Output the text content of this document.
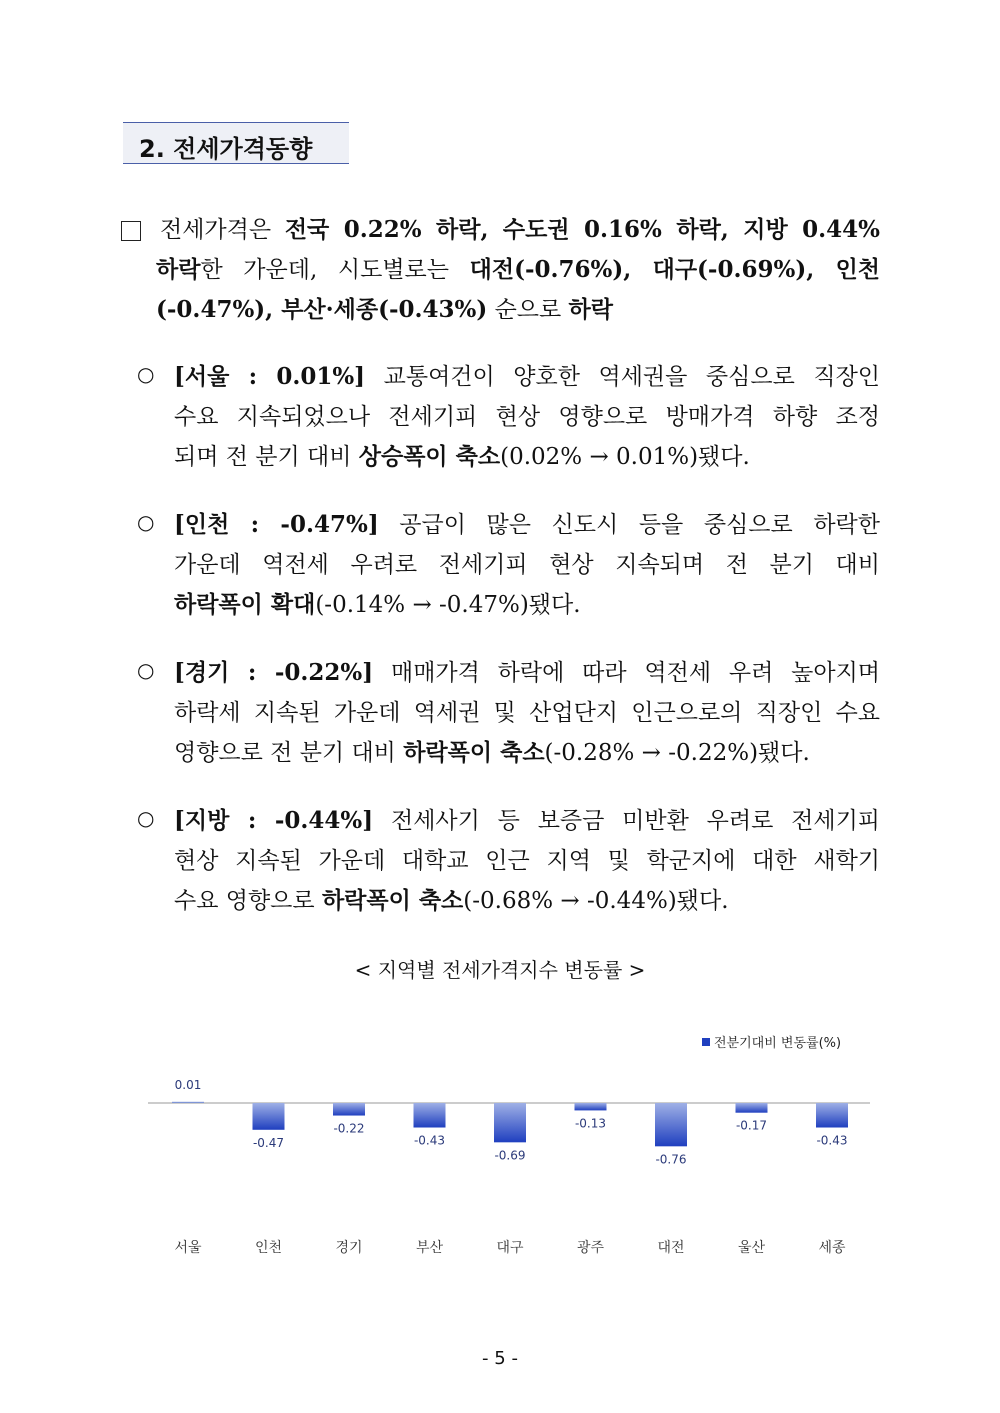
2. 전세가격동향
전세가격은 전국 0.22% 하락, 수도권 0.16% 하락, 지방 0.44%
하락한 가운데, 시도별로는 대전(-0.76%), 대구(-0.69%), 인천
(-0.47%), 부산·세종(-0.43%) 순으로 하락
○ [서울 : 0.01%] 교통여건이 양호한 역세권을 중심으로 직장인
수요 지속되었으나 전세기피 현상 영향으로 방매가격 하향 조정
되며 전 분기 대비 상승폭이 축소(0.02% → 0.01%)됐다.
○ [인천 : -0.47%] 공급이 많은 신도시 등을 중심으로 하락한
가운데 역전세 우려로 전세기피 현상 지속되며 전 분기 대비
하락폭이 확대(-0.14% → -0.47%)됐다.
○ [경기 : -0.22%] 매매가격 하락에 따라 역전세 우려 높아지며
하락세 지속된 가운데 역세권 및 산업단지 인근으로의 직장인 수요
영향으로 전 분기 대비 하락폭이 축소(-0.28% → -0.22%)됐다.
○ [지방 : -0.44%] 전세사기 등 보증금 미반환 우려로 전세기피
현상 지속된 가운데 대학교 인근 지역 및 학군지에 대한 새학기
수요 영향으로 하락폭이 축소(-0.68% → -0.44%)됐다.
< 지역별 전세가격지수 변동률 >
전분기대비 변동률(%)
0.01
서울
-0.47
인천
-0.22
경기
-0.43
부산
-0.69
대구
-0.13
광주
-0.76
대전
-0.17
울산
-0.43
세종
- 5 -
